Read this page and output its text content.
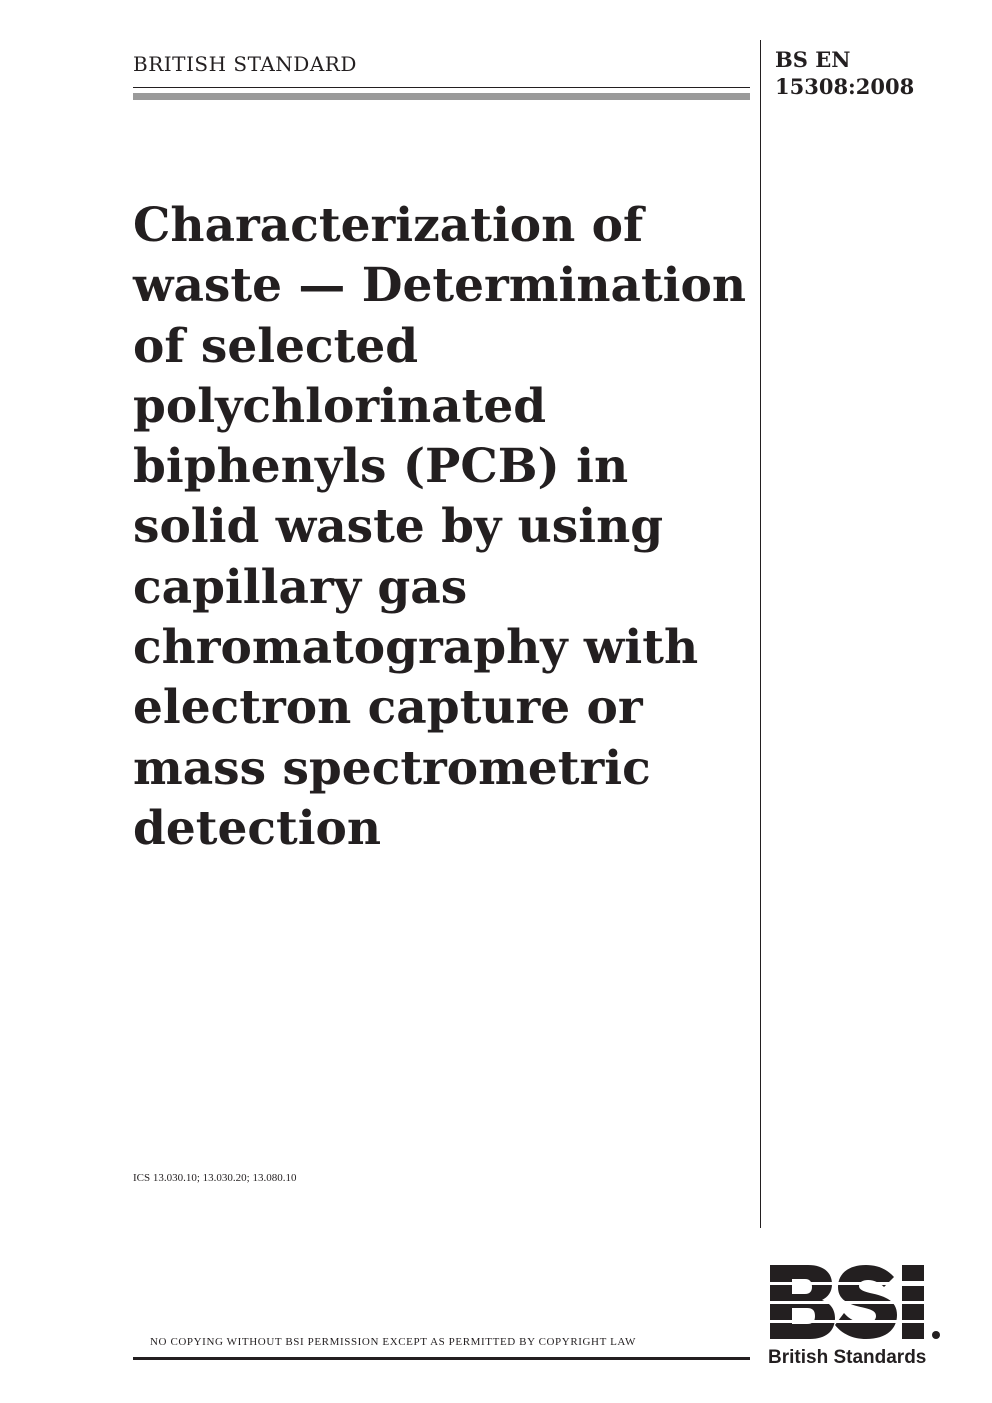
BRITISH STANDARD	BS EN
15308:2008
Characterization of
waste — Determination
of selected
polychlorinated
biphenyls (PCB) in
solid waste by using
capillary gas
chromatography with
electron capture or
mass spectrometric
detection
ICS 13.030.10; 13.030.20; 13.080.10
NO COPYING WITHOUT BSI PERMISSION EXCEPT AS PERMITTED BY COPYRIGHT LAW
British Standards
